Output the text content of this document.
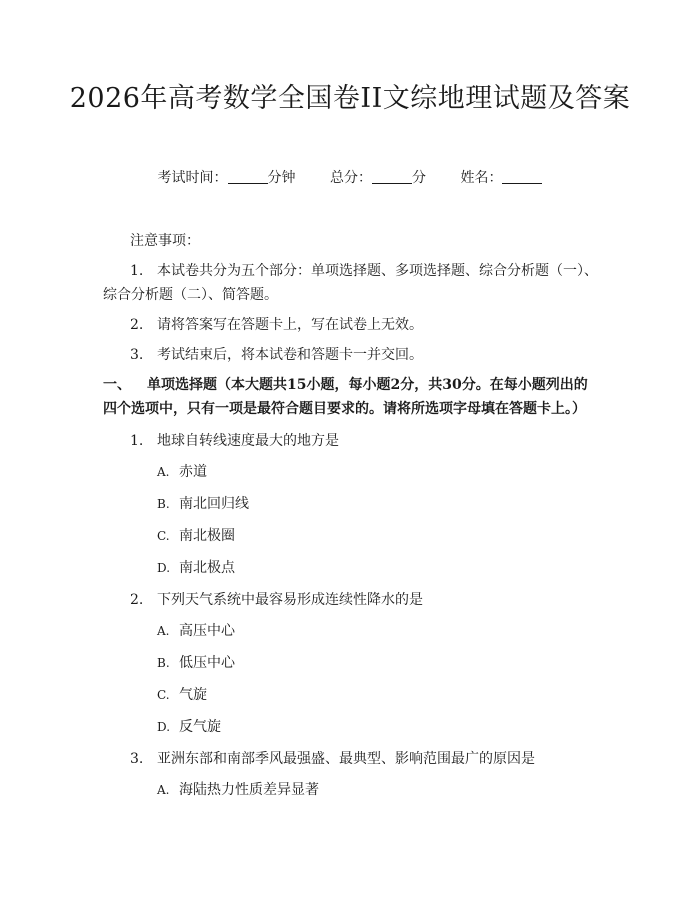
2026年高考数学全国卷II文综地理试题及答案
考试时间：	分钟 总分：	分 姓名：
注意事项：
1. 本试卷共分为五个部分：单项选择题、多项选择题、综合分析题（一）、综合分析题（二）、简答题。
2. 请将答案写在答题卡上，写在试卷上无效。
3. 考试结束后，将本试卷和答题卡一并交回。
一、 单项选择题（本大题共15小题，每小题2分，共30分。在每小题列出的四个选项中，只有一项是最符合题目要求的。请将所选项字母填在答题卡上。）
1. 地球自转线速度最大的地方是
A. 赤道
B. 南北回归线
C. 南北极圈
D. 南北极点
2. 下列天气系统中最容易形成连续性降水的是
A. 高压中心
B. 低压中心
C. 气旋
D. 反气旋
3. 亚洲东部和南部季风最强盛、最典型、影响范围最广的原因是
A. 海陆热力性质差异显著
